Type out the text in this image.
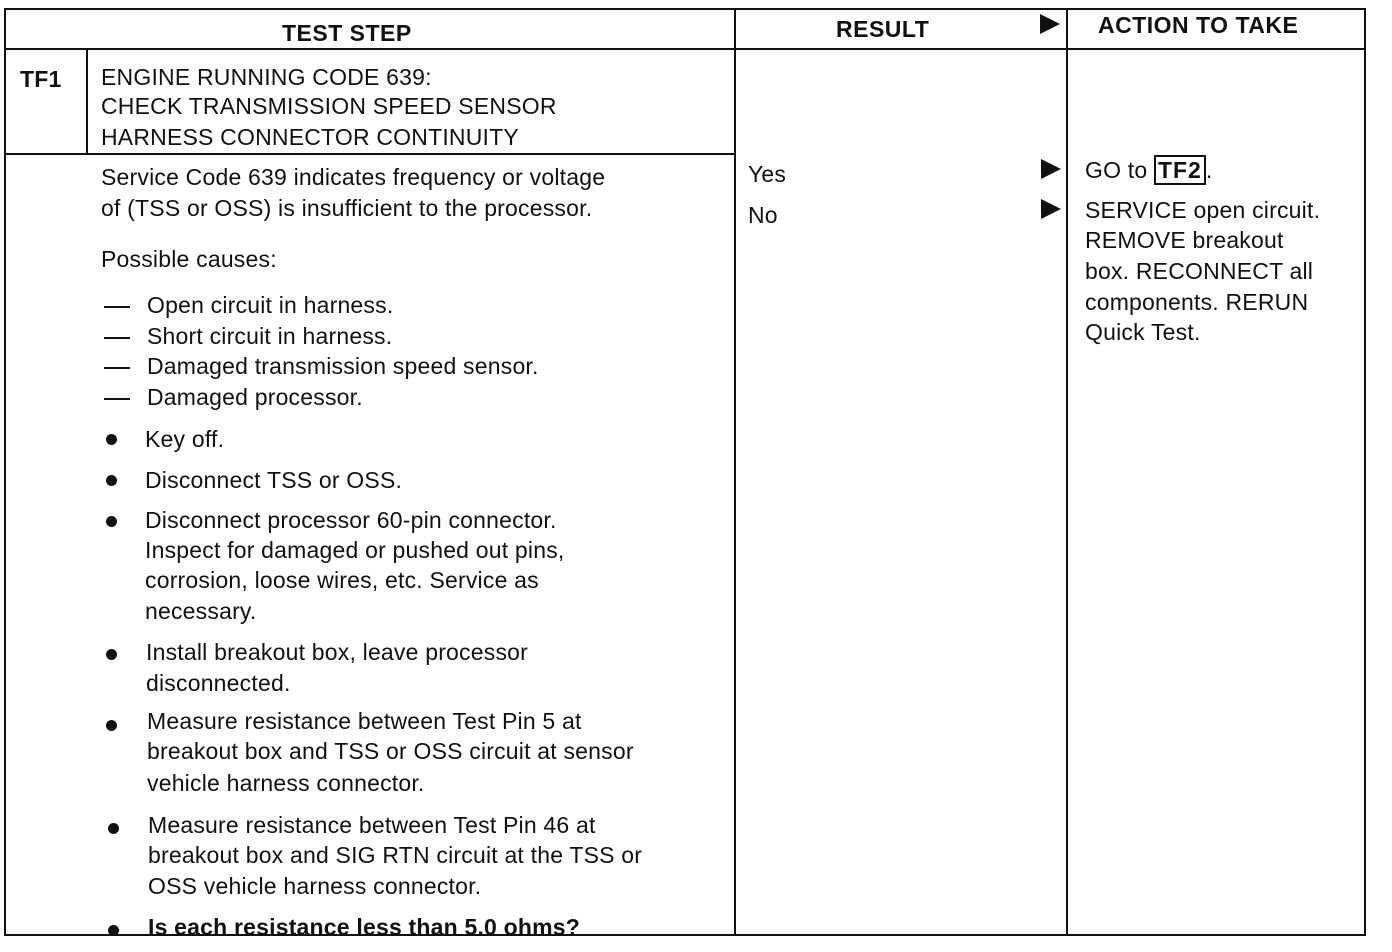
TEST STEP	RESULT	ACTION TO TAKE
TF1 ENGINE RUNNING CODE 639:
CHECK TRANSMISSION SPEED SENSOR
HARNESS CONNECTOR CONTINUITY
Service Code 639 indicates frequency or voltage
of (TSS or OSS) is insufficient to the processor.
Possible causes:
Open circuit in harness.
Short circuit in harness.
Damaged transmission speed sensor.
Damaged processor.
Key off.
Disconnect TSS or OSS.
Disconnect processor 60-pin connector.
Inspect for damaged or pushed out pins,
corrosion, loose wires, etc. Service as
necessary.
Install breakout box, leave processor
disconnected.
Measure resistance between Test Pin 5 at
breakout box and TSS or OSS circuit at sensor
vehicle harness connector.
Measure resistance between Test Pin 46 at
breakout box and SIG RTN circuit at the TSS or
OSS vehicle harness connector.
Is each resistance less than 5.0 ohms?
Yes
No
GO to TF2 .
SERVICE open circuit.
REMOVE breakout
box. RECONNECT all
components. RERUN
Quick Test.
